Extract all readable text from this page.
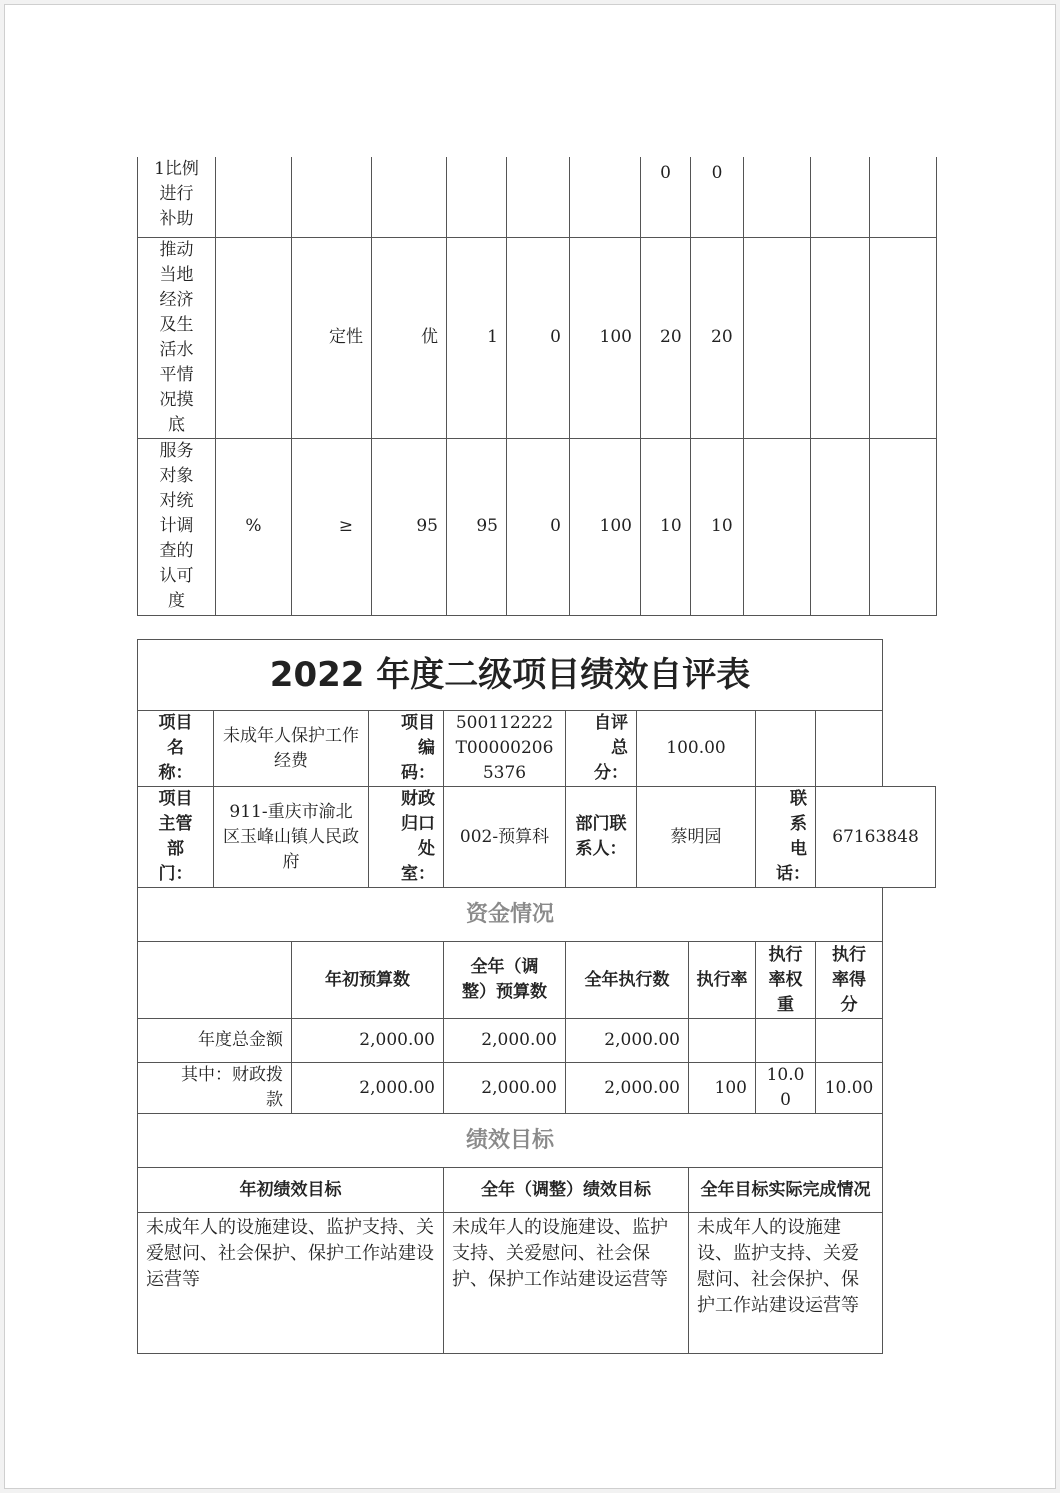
1比例进行补助							0	0			
推动当地经济及生活水平情况摸底		定性	优	1	0	100	20	20			
服务对象对统计调查的认可度	%	≥	95	95	0	100	10	10			
2022 年度二级项目绩效自评表									
项目名称：	未成年人保护工作经费		项目编码：	500112222T000002065376	自评总分：	100.00			
项目主管部门：	911-重庆市渝北区玉峰山镇人民政府		财政归口处室：	002-预算科	部门联系人：	蔡明园		联系电话：	67163848
资金情况									
		年初预算数		全年（调整）预算数	全年执行数		执行率	执行率权重	执行率得分
年度总金额		2,000.00		2,000.00	2,000.00				
其中：财政拨款		2,000.00		2,000.00	2,000.00		100	10.00	10.00
绩效目标									
年初绩效目标				全年（调整）绩效目标			全年目标实际完成情况		
未成年人的设施建设、监护支持、关爱慰问、社会保护、保护工作站建设运营等				未成年人的设施建设、监护支持、关爱慰问、社会保护、保护工作站建设运营等			未成年人的设施建设、监护支持、关爱慰问、社会保护、保护工作站建设运营等		
